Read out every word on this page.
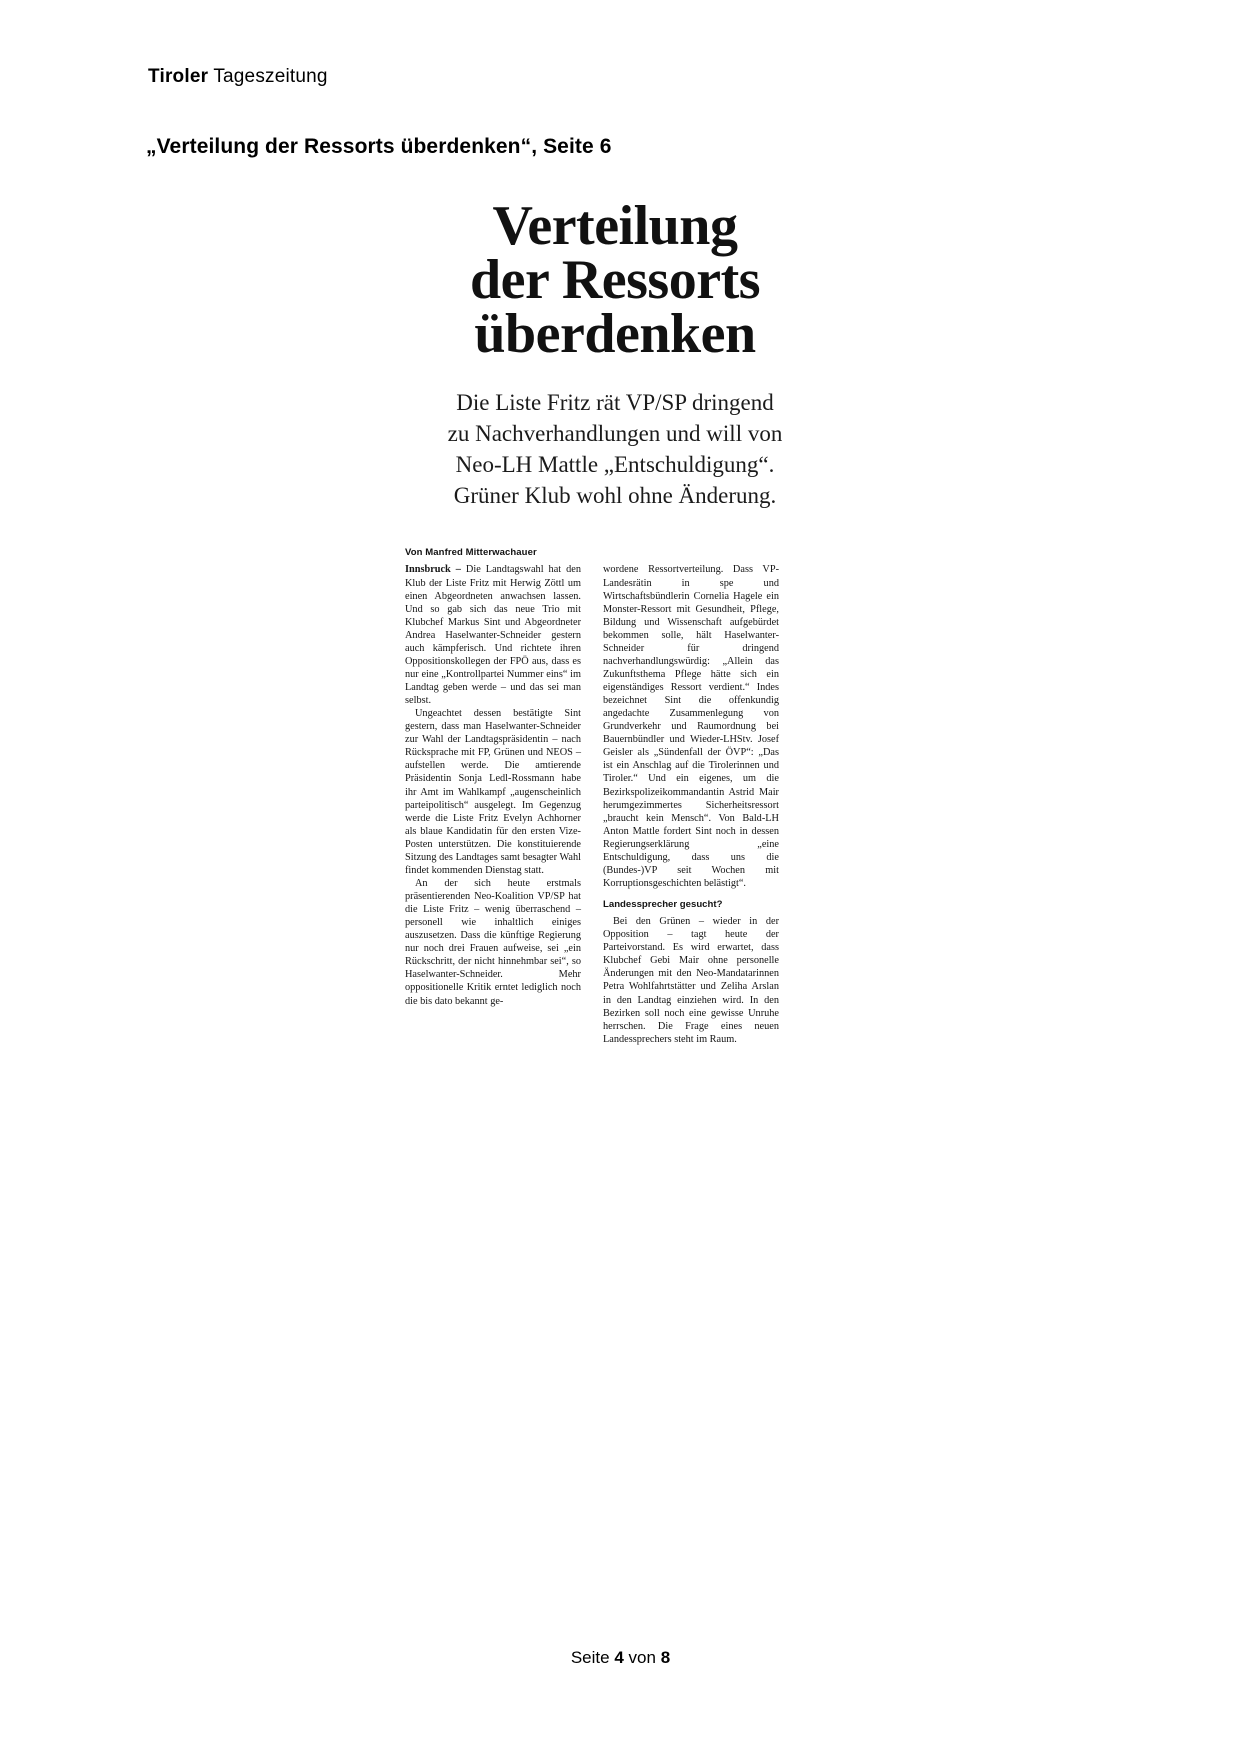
Tiroler Tageszeitung
„Verteilung der Ressorts überdenken“, Seite 6
Verteilung
der Ressorts
überdenken
Die Liste Fritz rät VP/SP dringend
zu Nachverhandlungen und will von
Neo-LH Mattle „Entschuldigung“.
Grüner Klub wohl ohne Änderung.
Von Manfred Mitterwachauer

Innsbruck – Die Landtagswahl hat den Klub der Liste Fritz mit Herwig Zöttl um einen Abgeordneten anwachsen lassen. Und so gab sich das neue Trio mit Klubchef Markus Sint und Abgeordneter Andrea Haselwanter-Schneider gestern auch kämpferisch. Und richtete ihren Oppositionskollegen der FPÖ aus, dass es nur eine „Kontrollpartei Nummer eins“ im Landtag geben werde – und das sei man selbst.

Ungeachtet dessen bestätigte Sint gestern, dass man Haselwanter-Schneider zur Wahl der Landtagspräsidentin – nach Rücksprache mit FP, Grünen und NEOS – aufstellen werde. Die amtierende Präsidentin Sonja Ledl-Rossmann habe ihr Amt im Wahlkampf „augenscheinlich parteipolitisch“ ausgelegt. Im Gegenzug werde die Liste Fritz Evelyn Achhorner als blaue Kandidatin für den ersten Vize-Posten unterstützen. Die konstituierende Sitzung des Landtages samt besagter Wahl findet kommenden Dienstag statt.

An der sich heute erstmals präsentierenden Neo-Koalition VP/SP hat die Liste Fritz – wenig überraschend – personell wie inhaltlich einiges auszusetzen. Dass die künftige Regierung nur noch drei Frauen aufweise, sei „ein Rückschritt, der nicht hinnehmbar sei“, so Haselwanter-Schneider. Mehr oppositionelle Kritik erntet lediglich noch die bis dato bekannt ge-

wordene Ressortverteilung. Dass VP-Landesrätin in spe und Wirtschaftsbündlerin Cornelia Hagele ein Monster-Ressort mit Gesundheit, Pflege, Bildung und Wissenschaft aufgebürdet bekommen solle, hält Haselwanter-Schneider für dringend nachverhandlungswürdig: „Allein das Zukunftsthema Pflege hätte sich ein eigenständiges Ressort verdient.“ Indes bezeichnet Sint die offenkundig angedachte Zusammenlegung von Grundverkehr und Raumordnung bei Bauernbündler und Wieder-LHStv. Josef Geisler als „Sündenfall der ÖVP“: „Das ist ein Anschlag auf die Tirolerinnen und Tiroler.“ Und ein eigenes, um die Bezirkspolizeikommandantin Astrid Mair herumgezimmertes Sicherheitsressort „braucht kein Mensch“. Von Bald-LH Anton Mattle fordert Sint noch in dessen Regierungserklärung „eine Entschuldigung, dass uns die (Bundes-)VP seit Wochen mit Korruptionsgeschichten belästigt“.

Landessprecher gesucht?

Bei den Grünen – wieder in der Opposition – tagt heute der Parteivorstand. Es wird erwartet, dass Klubchef Gebi Mair ohne personelle Änderungen mit den Neo-Mandatarinnen Petra Wohlfahrtstätter und Zeliha Arslan in den Landtag einziehen wird. In den Bezirken soll noch eine gewisse Unruhe herrschen. Die Frage eines neuen Landessprechers steht im Raum.

Seite 4 von 8
